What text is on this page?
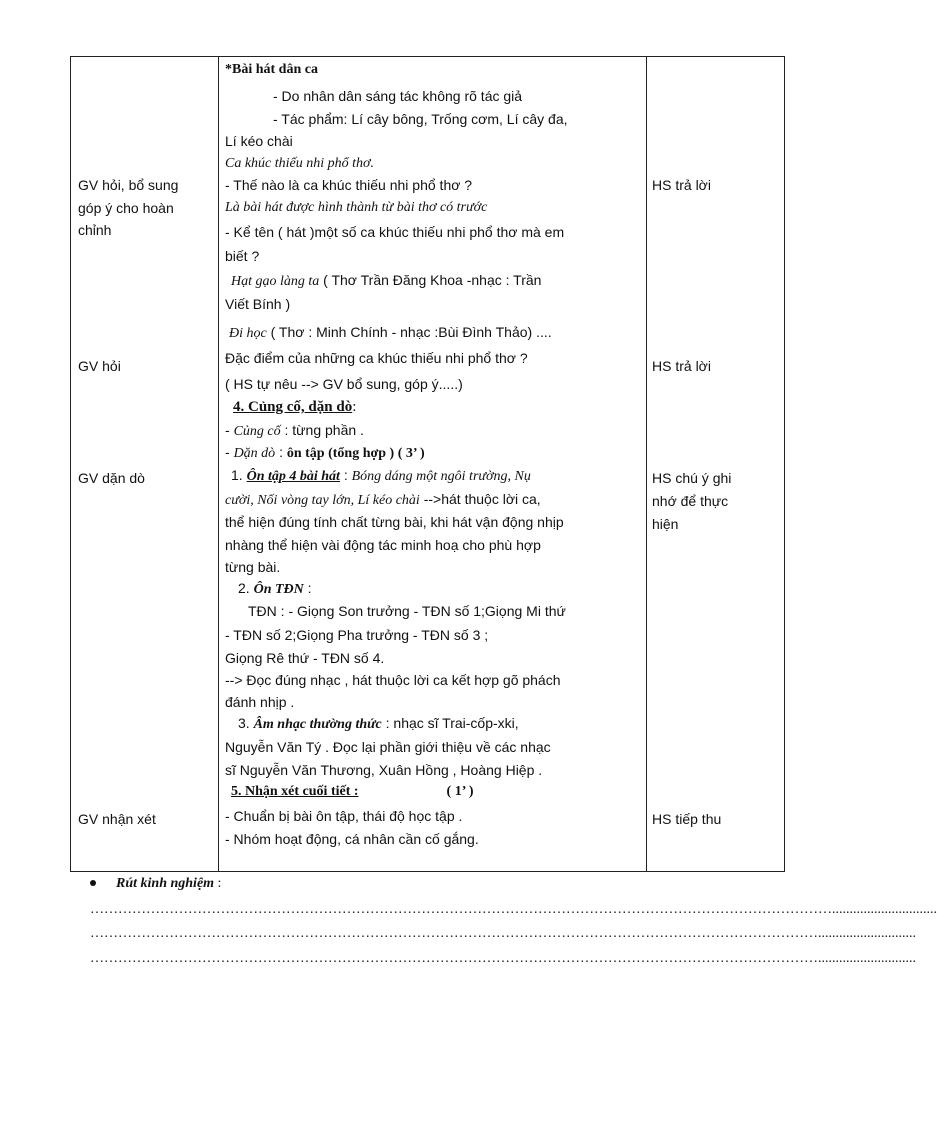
GV hỏi, bổ sung
góp ý cho hoàn
chỉnh
GV hỏi
GV dặn dò
GV nhận xét
HS trả lời
HS trả lời
HS chú ý ghi
nhớ để thực
hiện
HS tiếp thu
*Bài hát dân ca
- Do nhân dân sáng tác không rõ tác giả
- Tác phẩm: Lí cây bông, Trống cơm, Lí cây đa,
Lí kéo chài
Ca khúc thiếu nhi phổ thơ.
- Thế nào là ca khúc thiếu nhi phổ thơ ?
Là bài hát được hình thành từ bài thơ có trước
- Kể tên ( hát )một số ca khúc thiếu nhi phổ thơ mà em
biết ?
Hạt gạo làng ta ( Thơ Trần Đăng Khoa -nhạc : Trần
Viết Bính )
Đi học ( Thơ : Minh Chính - nhạc :Bùi Đình Thảo) ....
Đặc điểm của những ca khúc thiếu nhi phổ thơ ?
( HS tự nêu --> GV bổ sung, góp ý.....)
4. Củng cố, dặn dò:
- Củng cố : từng phần .
- Dặn dò : ôn tập (tổng hợp ) ( 3’ )
1. Ôn tập 4 bài hát : Bóng dáng một ngôi trường, Nụ
cười, Nối vòng tay lớn, Lí kéo chài -->hát thuộc lời ca,
thể hiện đúng tính chất từng bài, khi hát vận động nhịp
nhàng thể hiện vài động tác minh hoạ cho phù hợp
từng bài.
2. Ôn TĐN :
TĐN : - Giọng Son trưởng - TĐN số 1;Giọng Mi thứ
- TĐN số 2;Giọng Pha trưởng - TĐN số 3 ;
Giọng Rê thứ - TĐN số 4.
--> Đọc đúng nhạc , hát thuộc lời ca kết hợp gõ phách
đánh nhịp .
3. Âm nhạc thường thức : nhạc sĩ Trai-cốp-xki,
Nguyễn Văn Tý . Đọc lại phần giới thiệu về các nhạc
sĩ Nguyễn Văn Thương, Xuân Hồng , Hoàng Hiệp .
5. Nhận xét cuối tiết :	( 1’ )
- Chuẩn bị bài ôn tập, thái độ học tập .
- Nhóm hoạt động, cá nhân cần cố gắng.
Rút kinh nghiệm :
……………………………………………………………………………………………………………………………………………..............................
…………………………………………………………………………………………………………………………………………............................
…………………………………………………………………………………………………………………………………………............................
